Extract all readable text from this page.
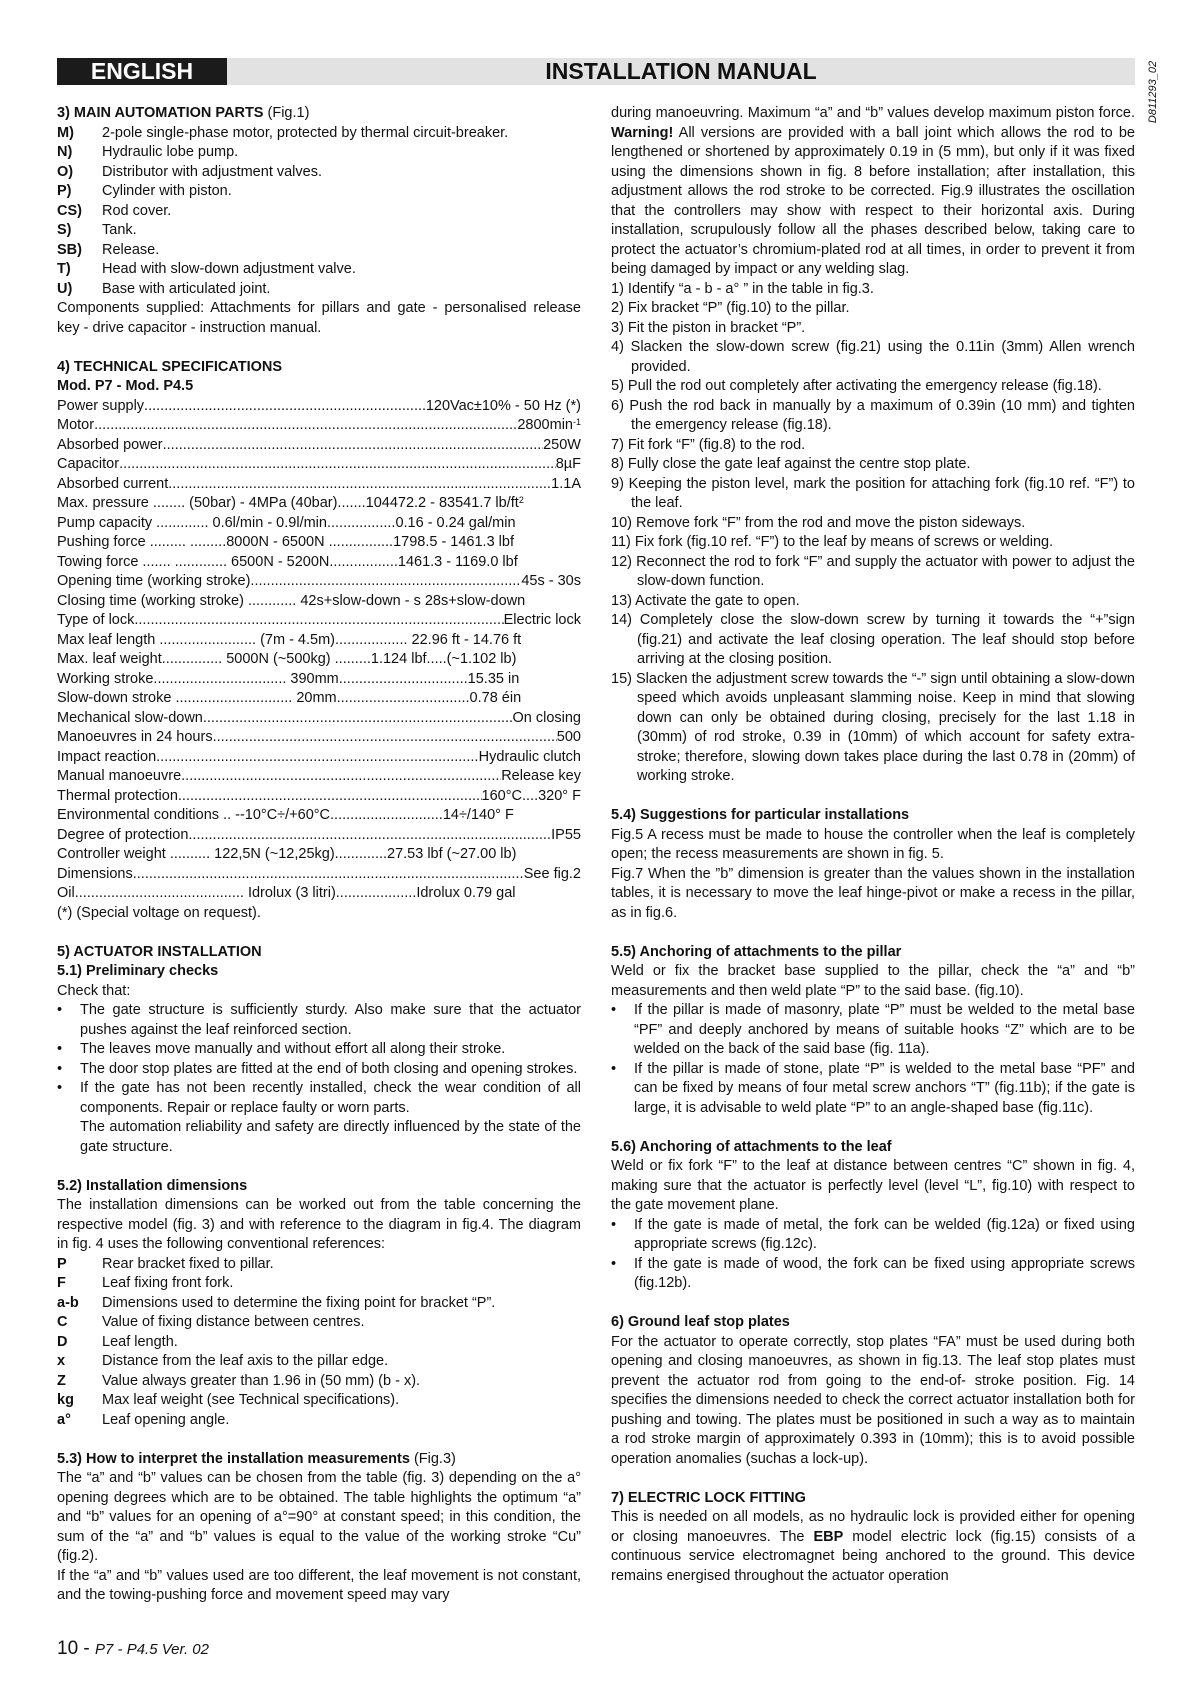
ENGLISH	INSTALLATION MANUAL	D811293_02
3) MAIN AUTOMATION PARTS (Fig.1)
M)	2-pole single-phase motor, protected by thermal circuit-breaker.
N)	Hydraulic lobe pump.
O)	Distributor with adjustment valves.
P)	Cylinder with piston.
CS)	Rod cover.
S)	Tank.
SB)	Release.
T)	Head with slow-down adjustment valve.
U)	Base with articulated joint.
Components supplied: Attachments for pillars and gate - personalised release key - drive capacitor - instruction manual.
4) TECHNICAL SPECIFICATIONS
Mod. P7 - Mod. P4.5
Power supply .....	120Vac±10% - 50 Hz (*)
Motor .....	$2800\min^{-1}$
Absorbed power .....	250W
Capacitor .....	8µF
Absorbed current .....	1.1A
Max. pressure ........ (50bar) - 4MPa (40bar).......104472.2 - 83541.7 lb/ft 2
Pump capacity ............. 0.6l/min - 0.9l/min.................0.16 - 0.24 gal/min
Pushing force ......... .........8000N - 6500N ................1798.5 - 1461.3 lbf
Towing force ....... ............. 6500N - 5200N.................1461.3 - 1169.0 lbf
Opening time (working stroke) .....	45s - 30s
Closing time (working stroke) ............ 42s+slow-down - s 28s+slow-down
Type of lock .....	Electric lock
Max leaf length ........................ (7m - 4.5m).................. 22.96 ft - 14.76 ft
Max. leaf weight............... 5000N (~500kg) .........1.124 lbf.....(~1.102 lb)
Working stroke................................. 390mm................................15.35 in
Slow-down stroke ............................. 20mm.................................0.78 éin
Mechanical slow-down .....	On closing
Manoeuvres in 24 hours .....	500
Impact reaction .....	Hydraulic clutch
Manual manoeuvre .....	Release key
Thermal protection .....	160°C....320° F
Environmental conditions .. --10°C÷/+60°C............................14÷/140° F
Degree of protection .....	IP55
Controller weight .......... 122,5N (~12,25kg).............27.53 lbf (~27.00 lb)
Dimensions .....	See fig.2
Oil.......................................... Idrolux (3 litri)....................Idrolux 0.79 gal
(*) (Special voltage on request).
5) ACTUATOR INSTALLATION
5.1) Preliminary checks
Check that:
•	The gate structure is sufficiently sturdy. Also make sure that the actuator pushes against the leaf reinforced section.
•	The leaves move manually and without effort all along their stroke.
•	The door stop plates are fitted at the end of both closing and opening strokes.
•	If the gate has not been recently installed, check the wear condition of all components. Repair or replace faulty or worn parts.
The automation reliability and safety are directly influenced by the state of the gate structure.
5.2) Installation dimensions
The installation dimensions can be worked out from the table concerning the respective model (fig. 3) and with reference to the diagram in fig.4. The diagram in fig. 4 uses the following conventional references:
P	Rear bracket fixed to pillar.
F	Leaf fixing front fork.
a-b	Dimensions used to determine the fixing point for bracket “P”.
C	Value of fixing distance between centres.
D	Leaf length.
x	Distance from the leaf axis to the pillar edge.
Z	Value always greater than 1.96 in (50 mm) (b - x).
kg	Max leaf weight (see Technical specifications).
a°	Leaf opening angle.
5.3) How to interpret the installation measurements (Fig.3)
The “a” and “b” values can be chosen from the table (fig. 3) depending on the a° opening degrees which are to be obtained. The table highlights the optimum “a” and “b” values for an opening of a°=90° at constant speed; in this condition, the sum of the “a” and “b” values is equal to the value of the working stroke “Cu” (fig.2).
If the “a” and “b” values used are too different, the leaf movement is not constant, and the towing-pushing force and movement speed may vary
during manoeuvring. Maximum “a” and “b” values develop maximum piston force. Warning! All versions are provided with a ball joint which allows the rod to be lengthened or shortened by approximately 0.19 in (5 mm), but only if it was fixed using the dimensions shown in fig. 8 before installation; after installation, this adjustment allows the rod stroke to be corrected. Fig.9 illustrates the oscillation that the controllers may show with respect to their horizontal axis. During installation, scrupulously follow all the phases described below, taking care to protect the actuator’s chromium-plated rod at all times, in order to prevent it from being damaged by impact or any welding slag.
1) Identify “a - b - a° ” in the table in fig.3.
2) Fix bracket “P” (fig.10) to the pillar.
3) Fit the piston in bracket “P”.
4) Slacken the slow-down screw (fig.21) using the 0.11in (3mm) Allen wrench provided.
5) Pull the rod out completely after activating the emergency release (fig.18).
6) Push the rod back in manually by a maximum of 0.39in (10 mm) and tighten the emergency release (fig.18).
7) Fit fork “F” (fig.8) to the rod.
8) Fully close the gate leaf against the centre stop plate.
9) Keeping the piston level, mark the position for attaching fork (fig.10 ref. “F”) to the leaf.
10) Remove fork “F” from the rod and move the piston sideways.
11) Fix fork (fig.10 ref. “F”) to the leaf by means of screws or welding.
12) Reconnect the rod to fork “F” and supply the actuator with power to adjust the slow-down function.
13) Activate the gate to open.
14) Completely close the slow-down screw by turning it towards the “+”sign (fig.21) and activate the leaf closing operation. The leaf should stop before arriving at the closing position.
15) Slacken the adjustment screw towards the “-” sign until obtaining a slow-down speed which avoids unpleasant slamming noise. Keep in mind that slowing down can only be obtained during closing, precisely for the last 1.18 in (30mm) of rod stroke, 0.39 in (10mm) of which account for safety extra-stroke; therefore, slowing down takes place during the last 0.78 in (20mm) of working stroke.
5.4) Suggestions for particular installations
Fig.5 A recess must be made to house the controller when the leaf is completely open; the recess measurements are shown in fig. 5.
Fig.7 When the ”b” dimension is greater than the values shown in the installation tables, it is necessary to move the leaf hinge-pivot or make a recess in the pillar, as in fig.6.
5.5) Anchoring of attachments to the pillar
Weld or fix the bracket base supplied to the pillar, check the “a” and “b” measurements and then weld plate “P” to the said base. (fig.10).
•	If the pillar is made of masonry, plate “P” must be welded to the metal base “PF” and deeply anchored by means of suitable hooks “Z” which are to be welded on the back of the said base (fig. 11a).
•	If the pillar is made of stone, plate “P” is welded to the metal base “PF” and can be fixed by means of four metal screw anchors “T” (fig.11b); if the gate is large, it is advisable to weld plate “P” to an angle-shaped base (fig.11c).
5.6) Anchoring of attachments to the leaf
Weld or fix fork “F” to the leaf at distance between centres “C” shown in fig. 4, making sure that the actuator is perfectly level (level “L”, fig.10) with respect to the gate movement plane.
•	If the gate is made of metal, the fork can be welded (fig.12a) or fixed using appropriate screws (fig.12c).
•	If the gate is made of wood, the fork can be fixed using appropriate screws (fig.12b).
6) Ground leaf stop plates
For the actuator to operate correctly, stop plates “FA” must be used during both opening and closing manoeuvres, as shown in fig.13. The leaf stop plates must prevent the actuator rod from going to the end-of- stroke position. Fig. 14 specifies the dimensions needed to check the correct actuator installation both for pushing and towing. The plates must be positioned in such a way as to maintain a rod stroke margin of approximately 0.393 in (10mm); this is to avoid possible operation anomalies (suchas a lock-up).
7) ELECTRIC LOCK FITTING
This is needed on all models, as no hydraulic lock is provided either for opening or closing manoeuvres. The EBP model electric lock (fig.15) consists of a continuous service electromagnet being anchored to the ground. This device remains energised throughout the actuator operation
10 - P7 - P4.5 Ver. 02
